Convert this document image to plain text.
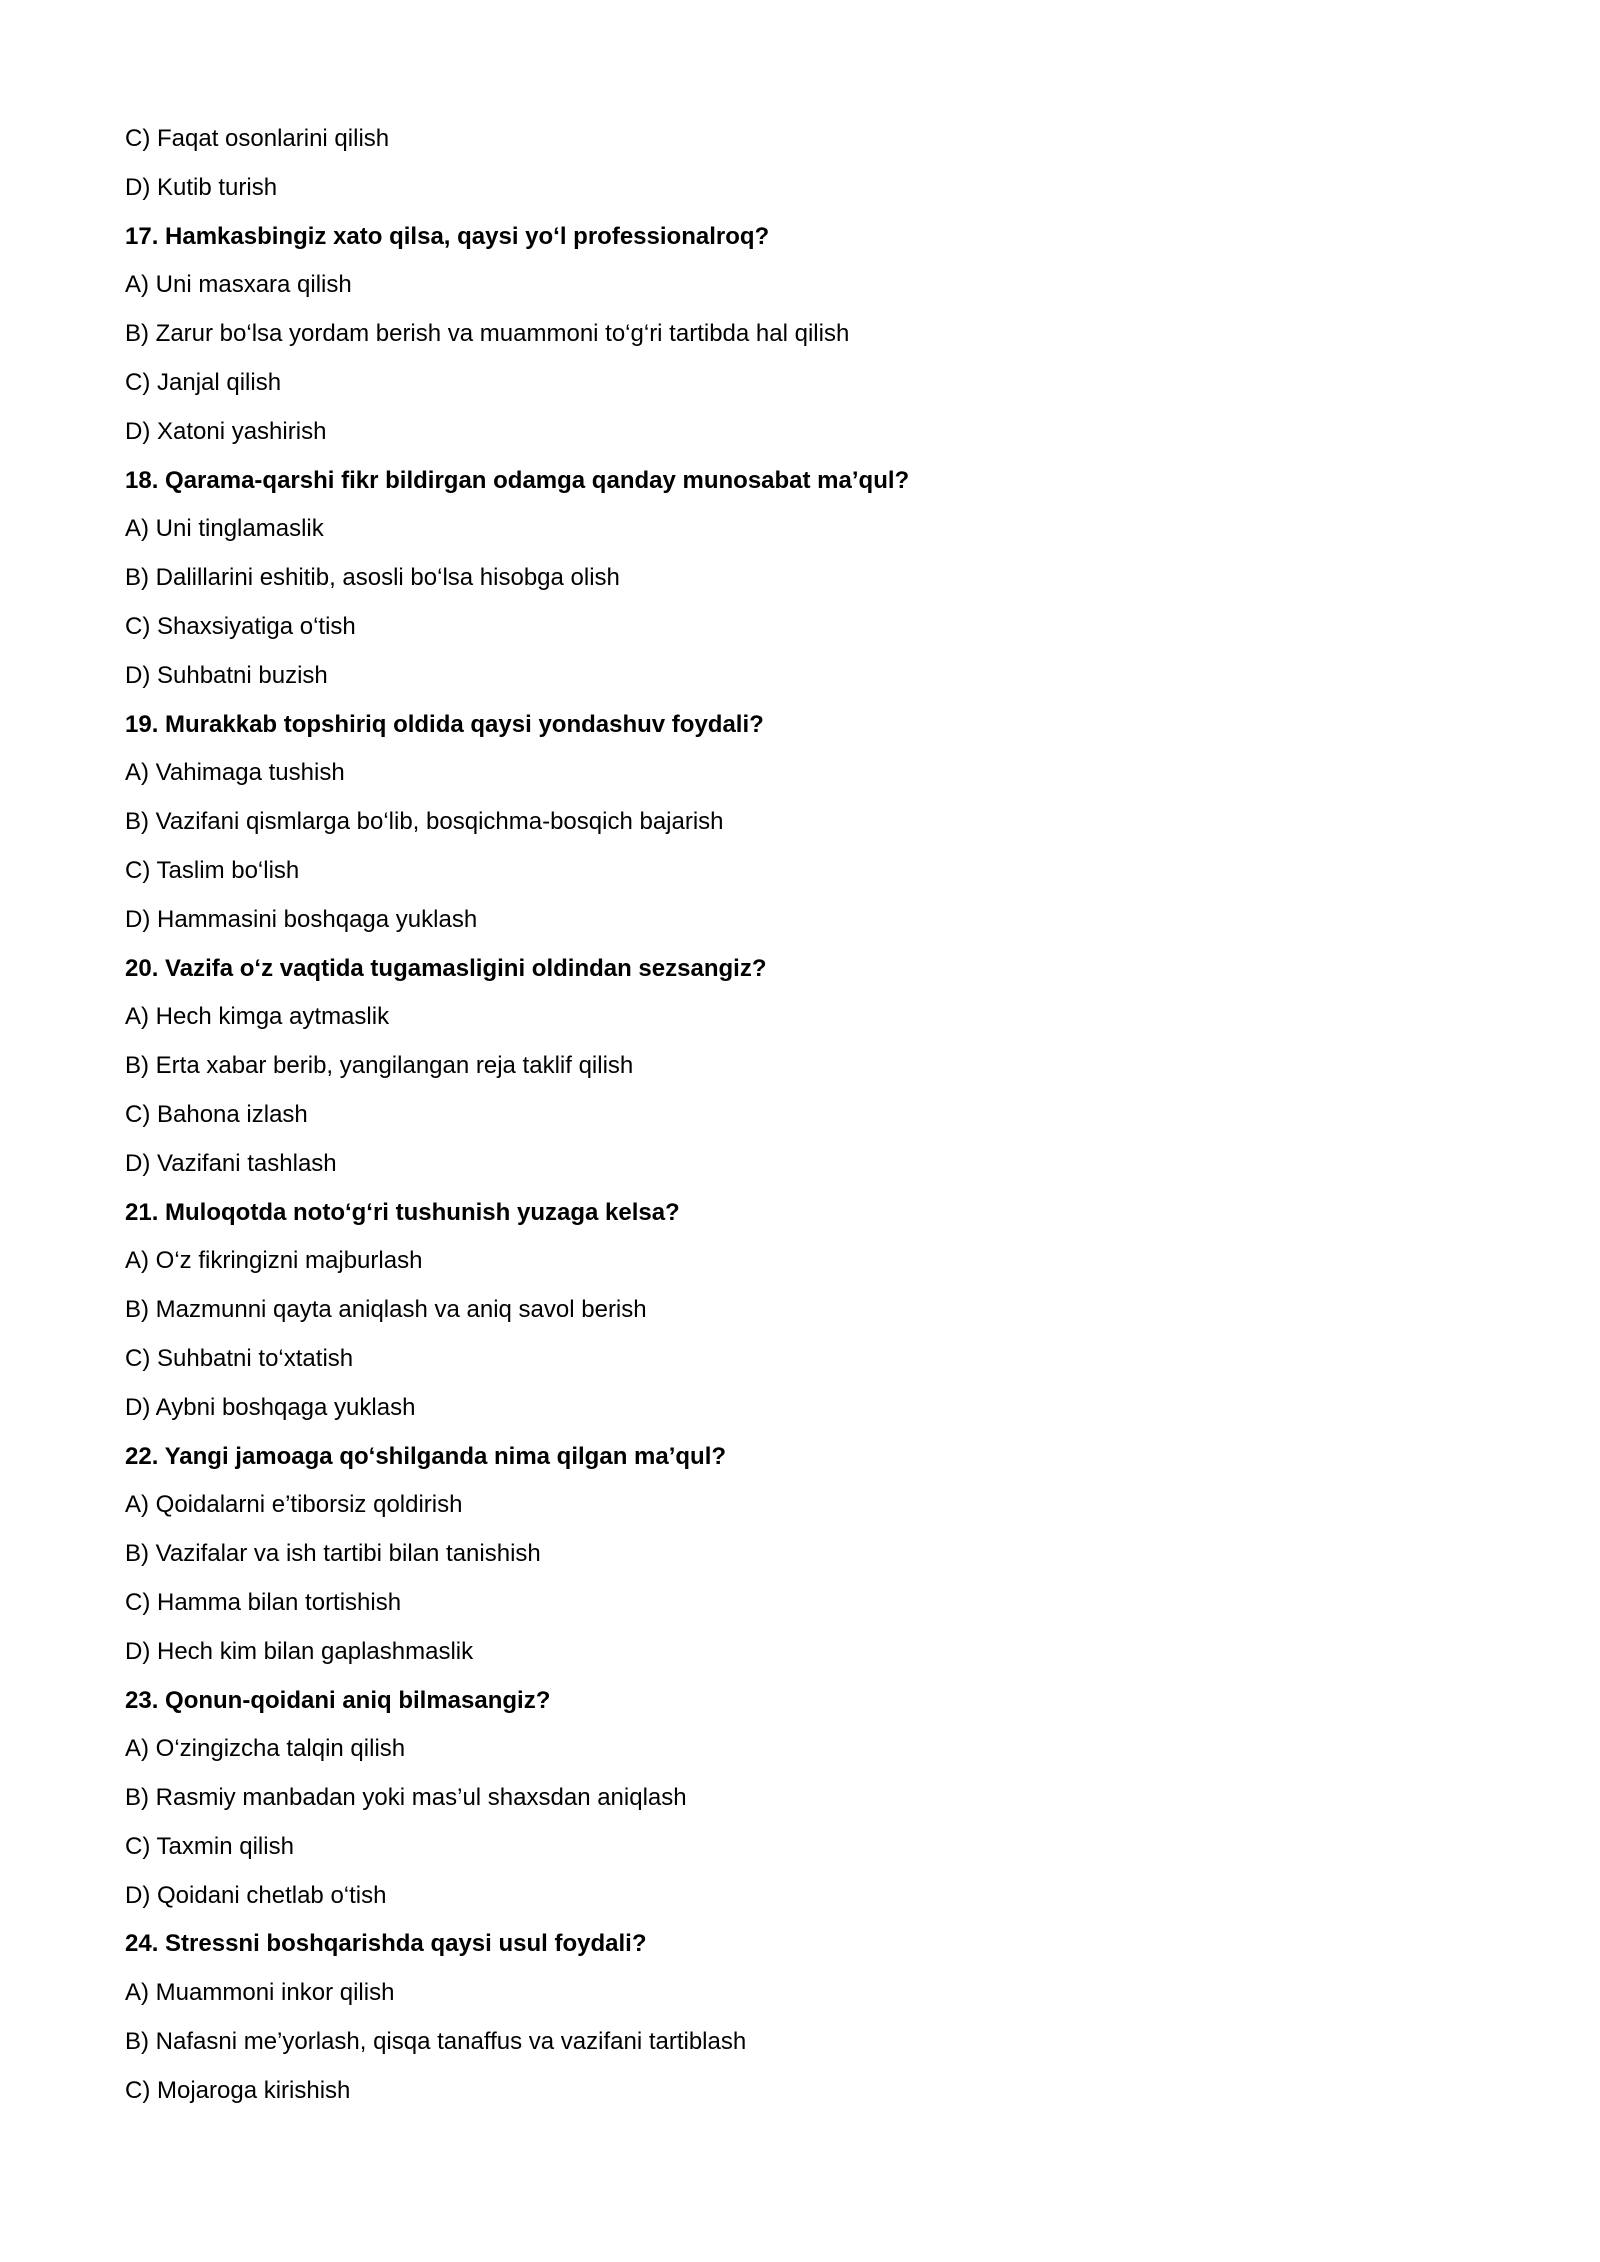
C) Faqat osonlarini qilish
D) Kutib turish
17. Hamkasbingiz xato qilsa, qaysi yo‘l professionalroq?
A) Uni masxara qilish
B) Zarur bo‘lsa yordam berish va muammoni to‘g‘ri tartibda hal qilish
C) Janjal qilish
D) Xatoni yashirish
18. Qarama-qarshi fikr bildirgan odamga qanday munosabat ma’qul?
A) Uni tinglamaslik
B) Dalillarini eshitib, asosli bo‘lsa hisobga olish
C) Shaxsiyatiga o‘tish
D) Suhbatni buzish
19. Murakkab topshiriq oldida qaysi yondashuv foydali?
A) Vahimaga tushish
B) Vazifani qismlarga bo‘lib, bosqichma-bosqich bajarish
C) Taslim bo‘lish
D) Hammasini boshqaga yuklash
20. Vazifa o‘z vaqtida tugamasligini oldindan sezsangiz?
A) Hech kimga aytmaslik
B) Erta xabar berib, yangilangan reja taklif qilish
C) Bahona izlash
D) Vazifani tashlash
21. Muloqotda noto‘g‘ri tushunish yuzaga kelsa?
A) O‘z fikringizni majburlash
B) Mazmunni qayta aniqlash va aniq savol berish
C) Suhbatni to‘xtatish
D) Aybni boshqaga yuklash
22. Yangi jamoaga qo‘shilganda nima qilgan ma’qul?
A) Qoidalarni e’tiborsiz qoldirish
B) Vazifalar va ish tartibi bilan tanishish
C) Hamma bilan tortishish
D) Hech kim bilan gaplashmaslik
23. Qonun-qoidani aniq bilmasangiz?
A) O‘zingizcha talqin qilish
B) Rasmiy manbadan yoki mas’ul shaxsdan aniqlash
C) Taxmin qilish
D) Qoidani chetlab o‘tish
24. Stressni boshqarishda qaysi usul foydali?
A) Muammoni inkor qilish
B) Nafasni me’yorlash, qisqa tanaffus va vazifani tartiblash
C) Mojaroga kirishish
